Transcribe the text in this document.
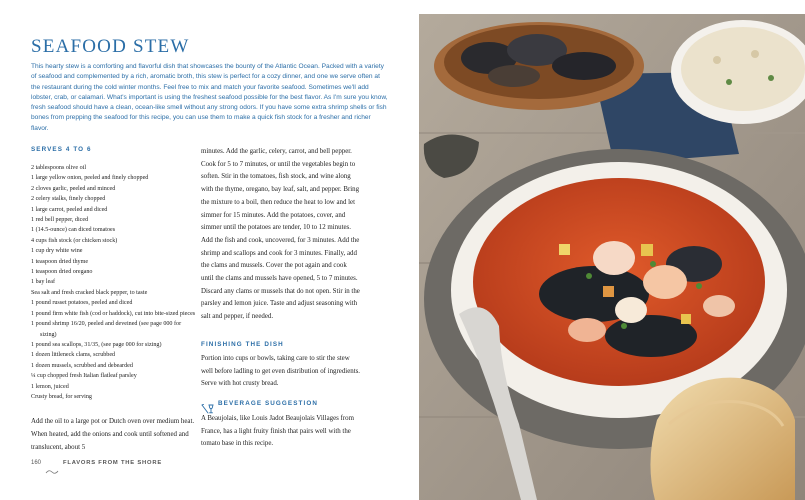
SEAFOOD STEW

This hearty stew is a comforting and flavorful dish that showcases the bounty of the Atlantic Ocean. Packed with a variety of seafood and complemented by a rich, aromatic broth, this stew is perfect for a cozy dinner, and one we serve often at the restaurant during the cold winter months. Feel free to mix and match your favorite seafood. Sometimes we'll add lobster, crab, or calamari. What's important is using the freshest seafood possible for the best flavor. As I'm sure you know, fresh seafood should have a clean, ocean-like smell without any strong odors. If you have some extra shrimp shells or fish bones from prepping the seafood for this recipe, you can use them to make a quick fish stock for a fresher and richer flavor.

SERVES 4 TO 6
2 tablespoons olive oil
1 large yellow onion, peeled and finely chopped
2 cloves garlic, peeled and minced
2 celery stalks, finely chopped
1 large carrot, peeled and diced
1 red bell pepper, diced
1 (14.5-ounce) can diced tomatoes
4 cups fish stock (or chicken stock)
1 cup dry white wine
1 teaspoon dried thyme
1 teaspoon dried oregano
1 bay leaf
Sea salt and fresh cracked black pepper, to taste
1 pound russet potatoes, peeled and diced
1 pound firm white fish (cod or haddock), cut into bite-sized pieces
1 pound shrimp 16/20, peeled and deveined (see page 000 for sizing)
1 pound sea scallops, 31/35, (see page 000 for sizing)
1 dozen littleneck clams, scrubbed
1 dozen mussels, scrubbed and debearded
¼ cup chopped fresh Italian flatleaf parsley
1 lemon, juiced
Crusty bread, for serving

Add the oil to a large pot or Dutch oven over medium heat. When heated, add the onions and cook until softened and translucent, about 5

minutes. Add the garlic, celery, carrot, and bell pepper. Cook for 5 to 7 minutes, or until the vegetables begin to soften. Stir in the tomatoes, fish stock, and wine along with the thyme, oregano, bay leaf, salt, and pepper. Bring the mixture to a boil, then reduce the heat to low and let simmer for 15 minutes. Add the potatoes, cover, and simmer until the potatoes are tender, 10 to 12 minutes. Add the fish and cook, uncovered, for 3 minutes. Add the shrimp and scallops and cook for 3 minutes. Finally, add the clams and mussels. Cover the pot again and cook until the clams and mussels have opened, 5 to 7 minutes. Discard any clams or mussels that do not open. Stir in the parsley and lemon juice. Taste and adjust seasoning with salt and pepper, if needed.

FINISHING THE DISH

Portion into cups or bowls, taking care to stir the stew well before ladling to get even distribution of ingredients. Serve with hot crusty bread.

BEVERAGE SUGGESTION

A Beaujolais, like Louis Jadot Beaujolais Villages from France, has a light fruity finish that pairs well with the tomato base in this recipe.

160	FLAVORS FROM THE SHORE
